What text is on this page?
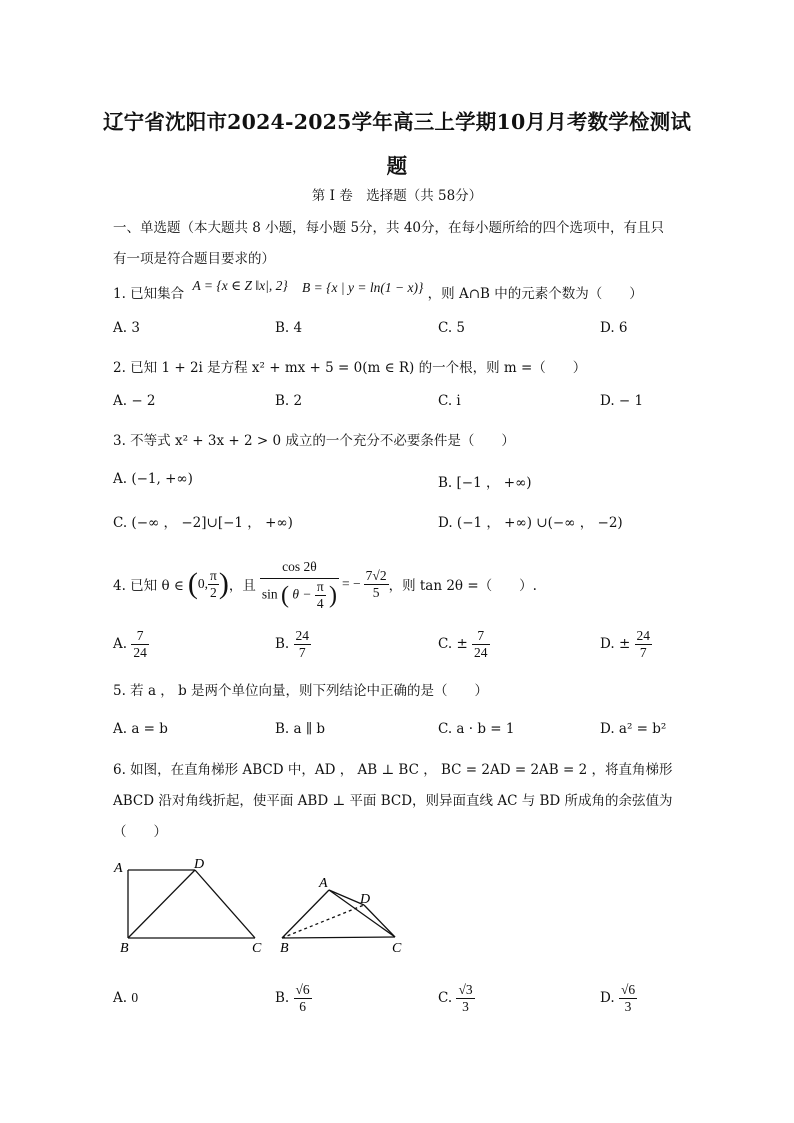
辽宁省沈阳市2024-2025学年高三上学期10月月考数学检测试
题
第 I 卷　选择题（共 58分）
一、单选题（本大题共 8 小题，每小题 5分，共 40分，在每小题所给的四个选项中，有且只
有一项是符合题目要求的）
1. 已知集合 A = {x ∈ Z ‖x|, 2} B = {x | y = ln(1 − x)} ，则 A∩B 中的元素个数为（　　）
A. 3	B. 4	C. 5	D. 6
2. 已知 1 + 2i 是方程 x² + mx + 5 = 0(m ∈ R) 的一个根，则 m =（　　）
A. − 2	B. 2	C. i	D. − 1
3. 不等式 x² + 3x + 2 > 0 成立的一个充分不必要条件是（　　）
A. (−1, +∞)	B. [−1 ， +∞)
C. (−∞ ， −2]∪[−1 ， +∞)	D. (−1 ， +∞) ∪(−∞ ， −2)
4. 已知 θ ∈ ( 0, $\frac{\pi}{2}$ ) ，且
cos 2θ
sin ( $\theta - \frac{\pi}{4}$ ) = − $\frac{7√2}{5}$ ，则 tan 2θ =（　　）.
A. $\frac{7}{24}$	B. $\frac{24}{7}$	C. ± $\frac{7}{24}$	D. ± $\frac{24}{7}$
5. 若 a ， b 是两个单位向量，则下列结论中正确的是（　　）
A. a = b	B. a ∥ b	C. a · b = 1	D. a² = b²
6. 如图，在直角梯形 ABCD 中，AD ， AB ⊥ BC ， BC = 2AD = 2AB = 2 ，将直角梯形
ABCD 沿对角线折起，使平面 ABD ⊥ 平面 BCD，则异面直线 AC 与 BD 所成角的余弦值为
（　　）
A	D
B	C
A
D
B	C
A. 0	B. $\frac{√6}{6}$	C. $\frac{√3}{3}$	D. $\frac{√6}{3}$
